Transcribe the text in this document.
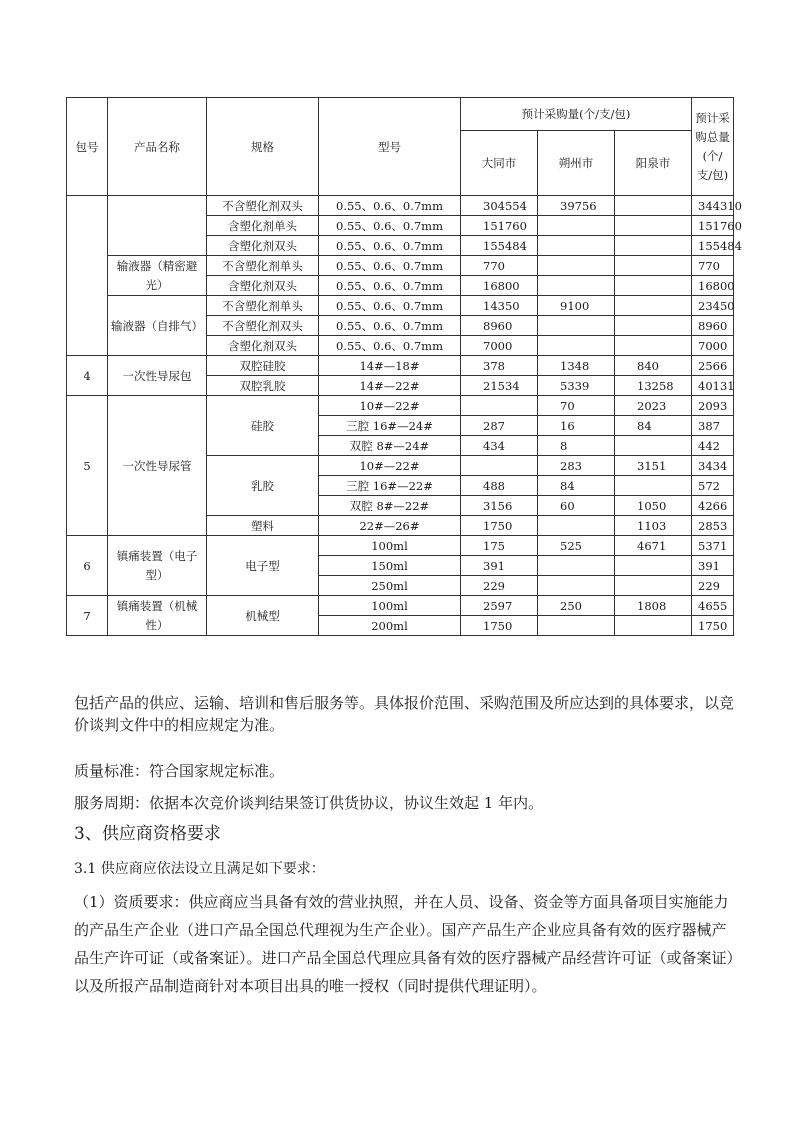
包号	产品名称	规格	型号	预计采购量(个/支/包)			预计采购总量(个/支/包)
				大同市	朔州市	阳泉市	
		不含塑化剂双头	0.55、0.6、0.7mm	304554	39756		344310
		含塑化剂单头	0.55、0.6、0.7mm	151760			151760
		含塑化剂双头	0.55、0.6、0.7mm	155484			155484
	输液器（精密避光）	不含塑化剂单头	0.55、0.6、0.7mm	770			770
		含塑化剂双头	0.55、0.6、0.7mm	16800			16800
	输液器（自排气）	不含塑化剂单头	0.55、0.6、0.7mm	14350	9100		23450
		不含塑化剂双头	0.55、0.6、0.7mm	8960			8960
		含塑化剂双头	0.55、0.6、0.7mm	7000			7000
4	一次性导尿包	双腔硅胶	14#—18#	378	1348	840	2566
		双腔乳胶	14#—22#	21534	5339	13258	40131
5	一次性导尿管	硅胶	10#—22#		70	2023	2093
			三腔 16#—24#	287	16	84	387
			双腔 8#—24#	434	8		442
		乳胶	10#—22#		283	3151	3434
			三腔 16#—22#	488	84		572
			双腔 8#—22#	3156	60	1050	4266
		塑料	22#—26#	1750		1103	2853
6	镇痛装置（电子型）	电子型	100ml	175	525	4671	5371
			150ml	391			391
			250ml	229			229
7	镇痛装置（机械性）	机械型	100ml	2597	250	1808	4655
			200ml	1750			1750

包括产品的供应、运输、培训和售后服务等。具体报价范围、采购范围及所应达到的具体要求，以竞价谈判文件中的相应规定为准。

质量标准：符合国家规定标准。

服务周期：依据本次竞价谈判结果签订供货协议，协议生效起 1 年内。

3、供应商资格要求

3.1 供应商应依法设立且满足如下要求：

（1）资质要求：供应商应当具备有效的营业执照，并在人员、设备、资金等方面具备项目实施能力的产品生产企业（进口产品全国总代理视为生产企业）。国产产品生产企业应具备有效的医疗器械产品生产许可证（或备案证）。进口产品全国总代理应具备有效的医疗器械产品经营许可证（或备案证）以及所报产品制造商针对本项目出具的唯一授权（同时提供代理证明）。
